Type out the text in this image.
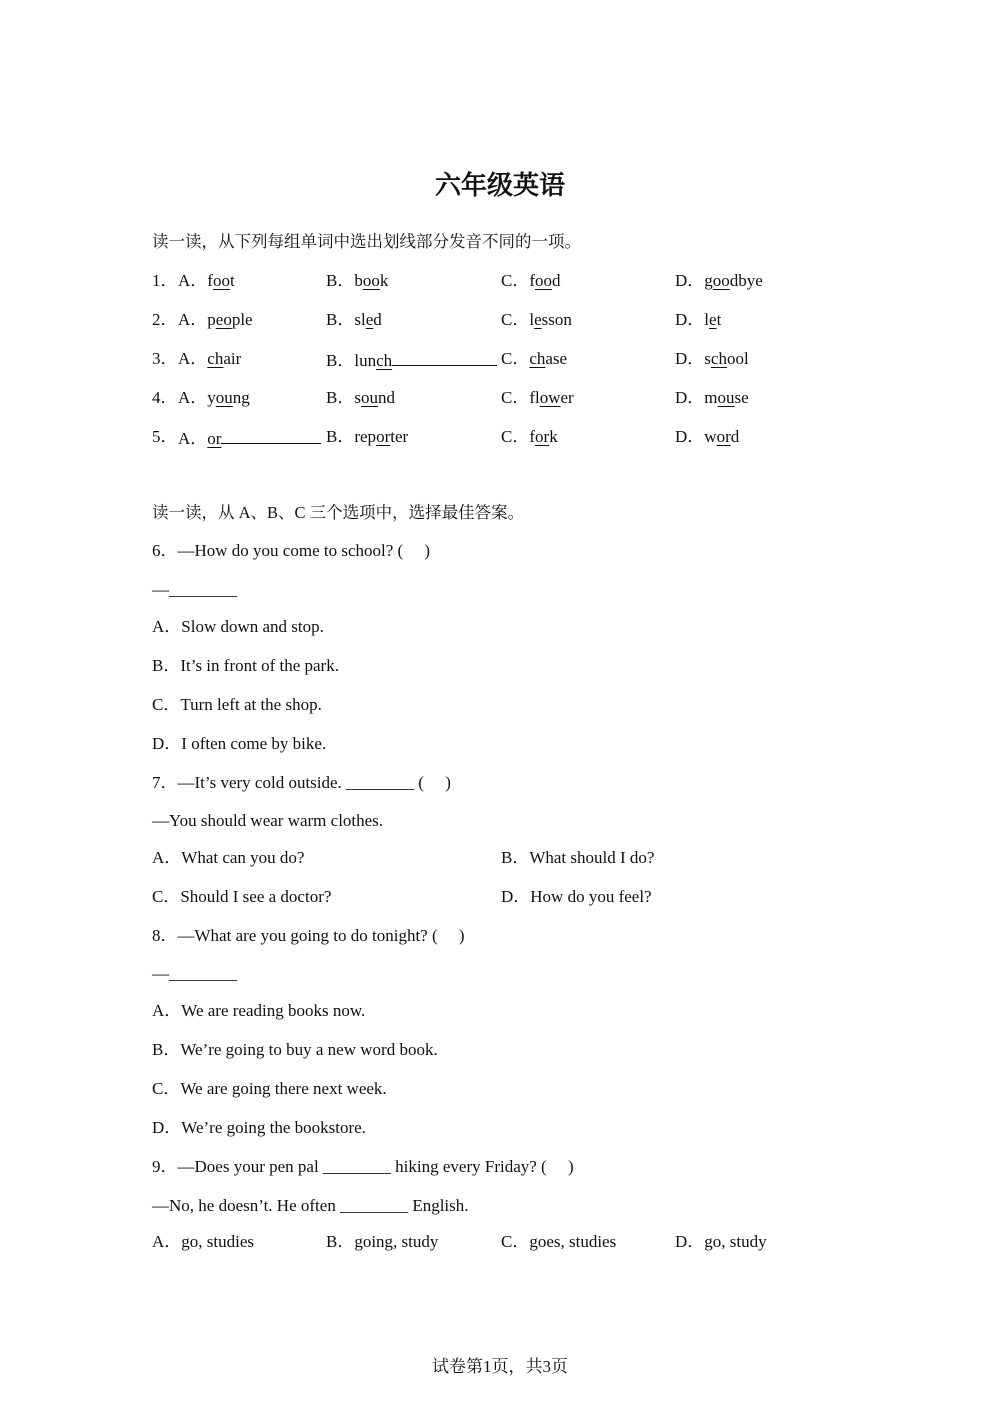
六年级英语
读一读，从下列每组单词中选出划线部分发音不同的一项。
1． A．foot	B．book	C．food	D．goodbye
2． A．people	B．sled	C．lesson	D．let
3． A．chair	B．lunch	C．chase	D．school
4． A．young	B．sound	C．flower	D．mouse
5． A．or	B．reporter	C．fork	D．word
读一读，从 A、B、C 三个选项中，选择最佳答案。
6．—How do you come to school? (　 )
—________
A．Slow down and stop.
B．It’s in front of the park.
C．Turn left at the shop.
D．I often come by bike.
7．—It’s very cold outside. ________ (　 )
—You should wear warm clothes.
A．What can you do?	B．What should I do?
C．Should I see a doctor?	D．How do you feel?
8．—What are you going to do tonight? (　 )
—________
A．We are reading books now.
B．We’re going to buy a new word book.
C．We are going there next week.
D．We’re going the bookstore.
9．—Does your pen pal ________ hiking every Friday? (　 )
—No, he doesn’t. He often ________ English.
A．go, studies	B．going, study	C．goes, studies	D．go, study
试卷第1页，共3页
